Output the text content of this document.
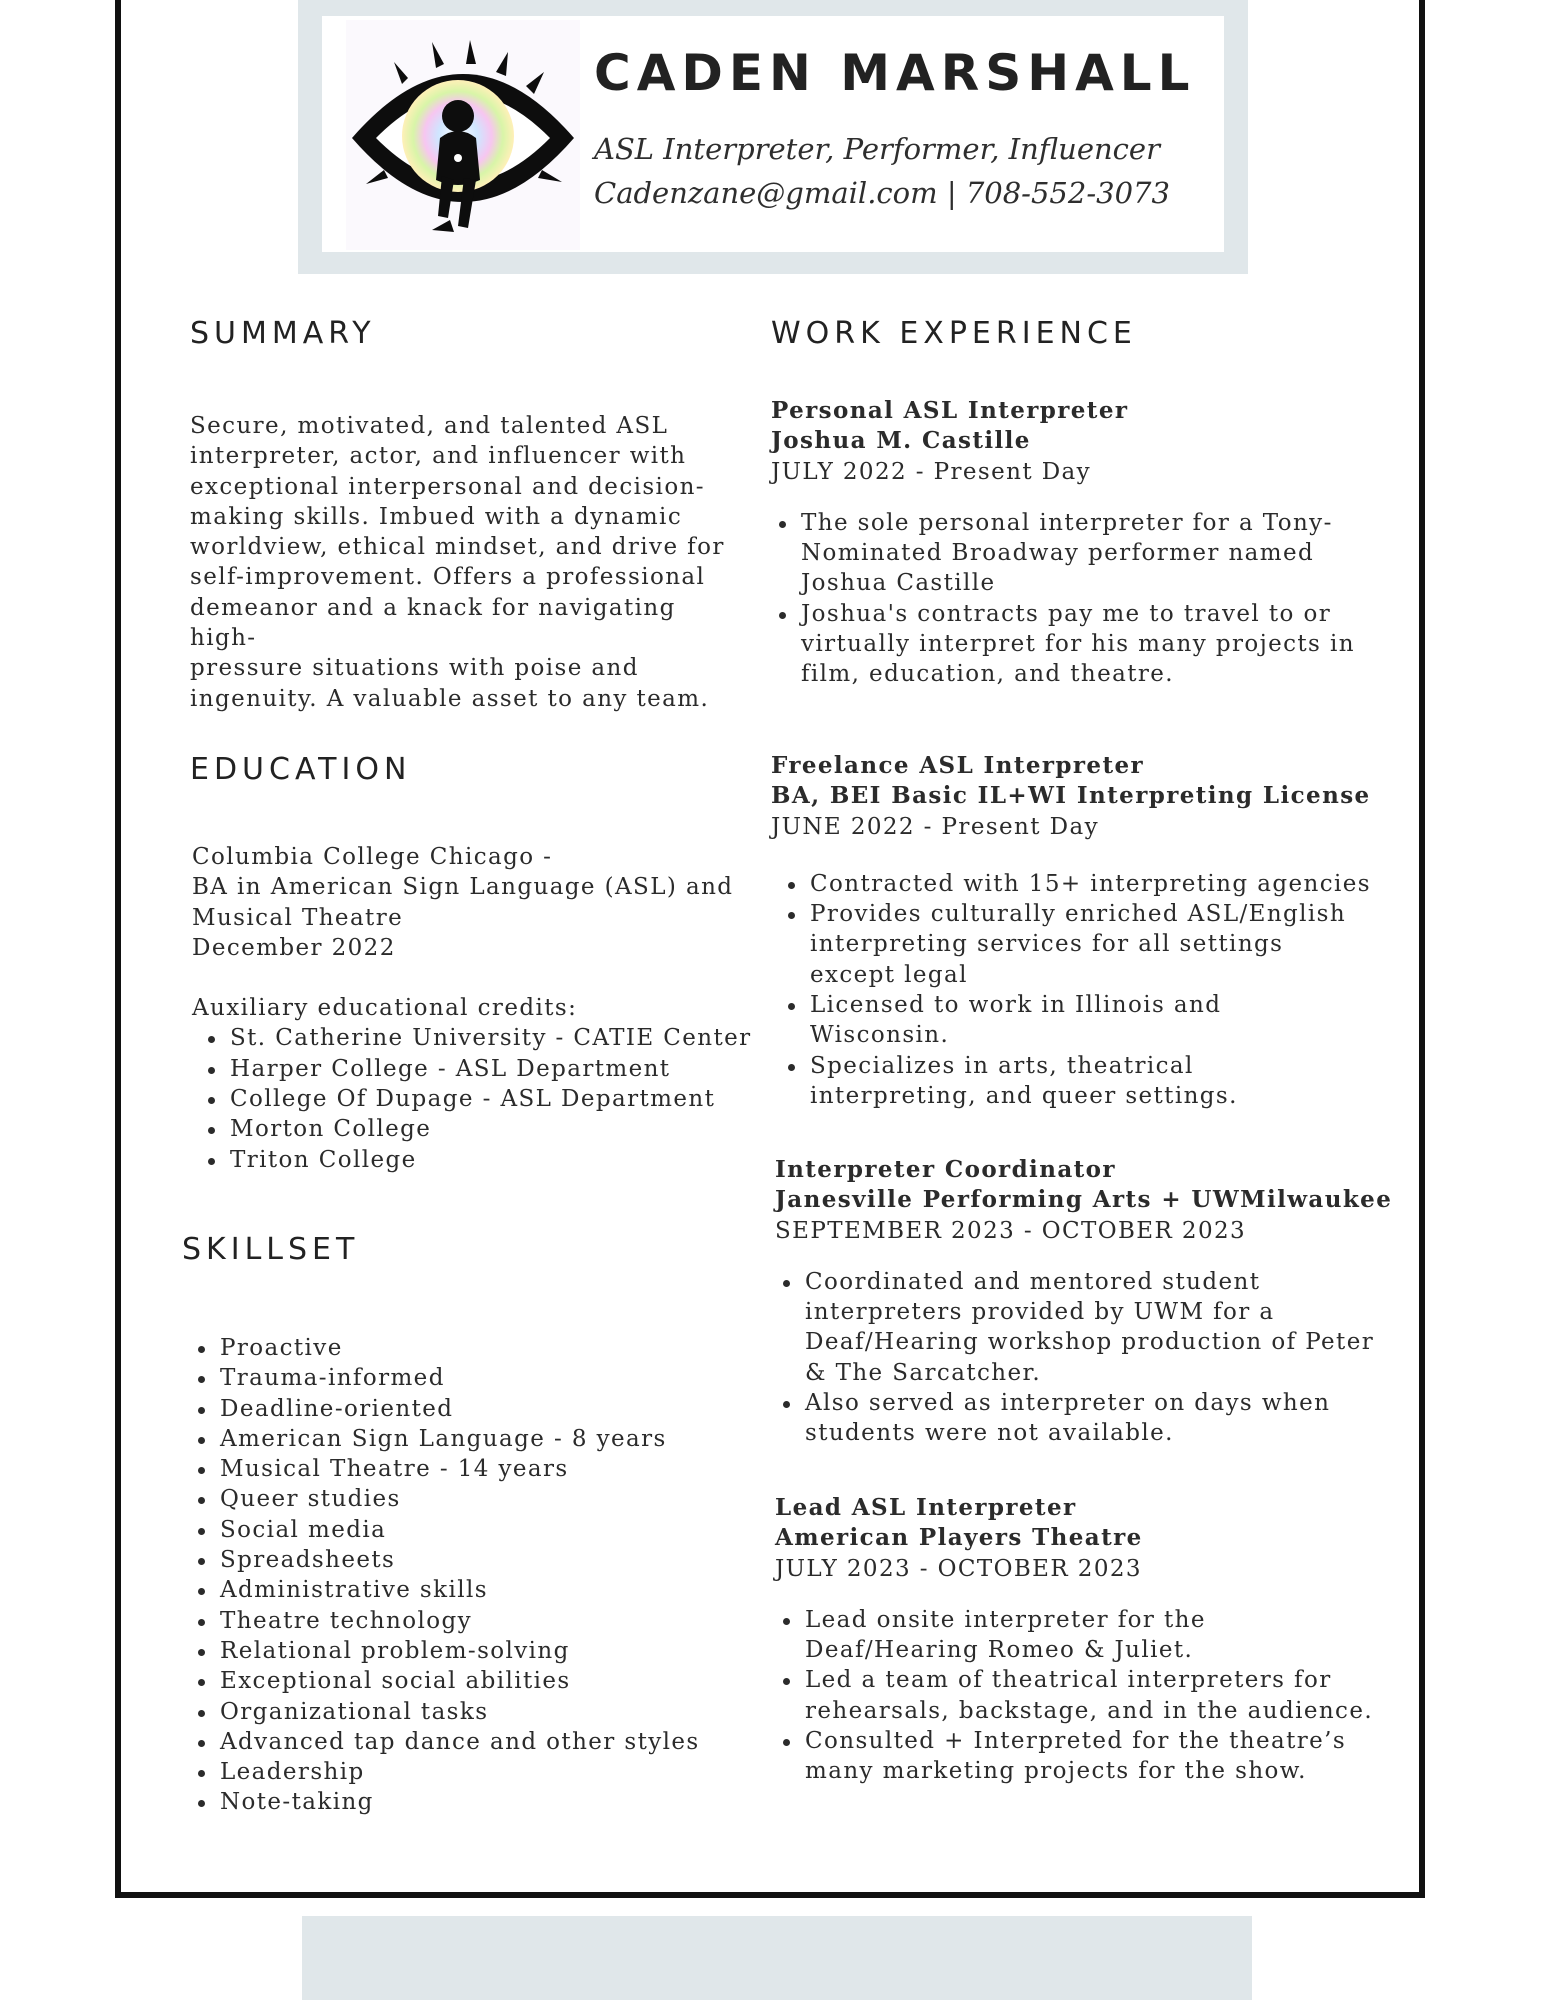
CADEN MARSHALL

ASL Interpreter, Performer, Influencer

Cadenzane@gmail.com | 708-552-3073

SUMMARY

Secure, motivated, and talented ASL

interpreter, actor, and influencer with

exceptional interpersonal and decision-

making skills. Imbued with a dynamic

worldview, ethical mindset, and drive for

self-improvement. Offers a professional

demeanor and a knack for navigating high-

pressure situations with poise and

ingenuity. A valuable asset to any team.

EDUCATION

Columbia College Chicago -

BA in American Sign Language (ASL) and

Musical Theatre

December 2022

Auxiliary educational credits:

St. Catherine University - CATIE Center
Harper College - ASL Department
College Of Dupage - ASL Department
Morton College
Triton College
SKILLSET
Proactive
Trauma-informed
Deadline-oriented
American Sign Language - 8 years
Musical Theatre - 14 years
Queer studies
Social media
Spreadsheets
Administrative skills
Theatre technology
Relational problem-solving
Exceptional social abilities
Organizational tasks
Advanced tap dance and other styles
Leadership
Note-taking
WORK EXPERIENCE

Personal ASL Interpreter

Joshua M. Castille

JULY 2022 - Present Day

The sole personal interpreter for a Tony-
Nominated Broadway performer named
Joshua Castille
Joshua's contracts pay me to travel to or
virtually interpret for his many projects in
film, education, and theatre.

Freelance ASL Interpreter

BA, BEI Basic IL+WI Interpreting License

JUNE 2022 - Present Day

Contracted with 15+ interpreting agencies
Provides culturally enriched ASL/English
interpreting services for all settings
except legal
Licensed to work in Illinois and
Wisconsin.
Specializes in arts, theatrical
interpreting, and queer settings.

Interpreter Coordinator

Janesville Performing Arts + UWMilwaukee

SEPTEMBER 2023 - OCTOBER 2023

Coordinated and mentored student
interpreters provided by UWM for a
Deaf/Hearing workshop production of Peter
& The Sarcatcher.
Also served as interpreter on days when
students were not available.

Lead ASL Interpreter

American Players Theatre

JULY 2023 - OCTOBER 2023

Lead onsite interpreter for the
Deaf/Hearing Romeo & Juliet.
Led a team of theatrical interpreters for
rehearsals, backstage, and in the audience.
Consulted + Interpreted for the theatre’s
many marketing projects for the show.
